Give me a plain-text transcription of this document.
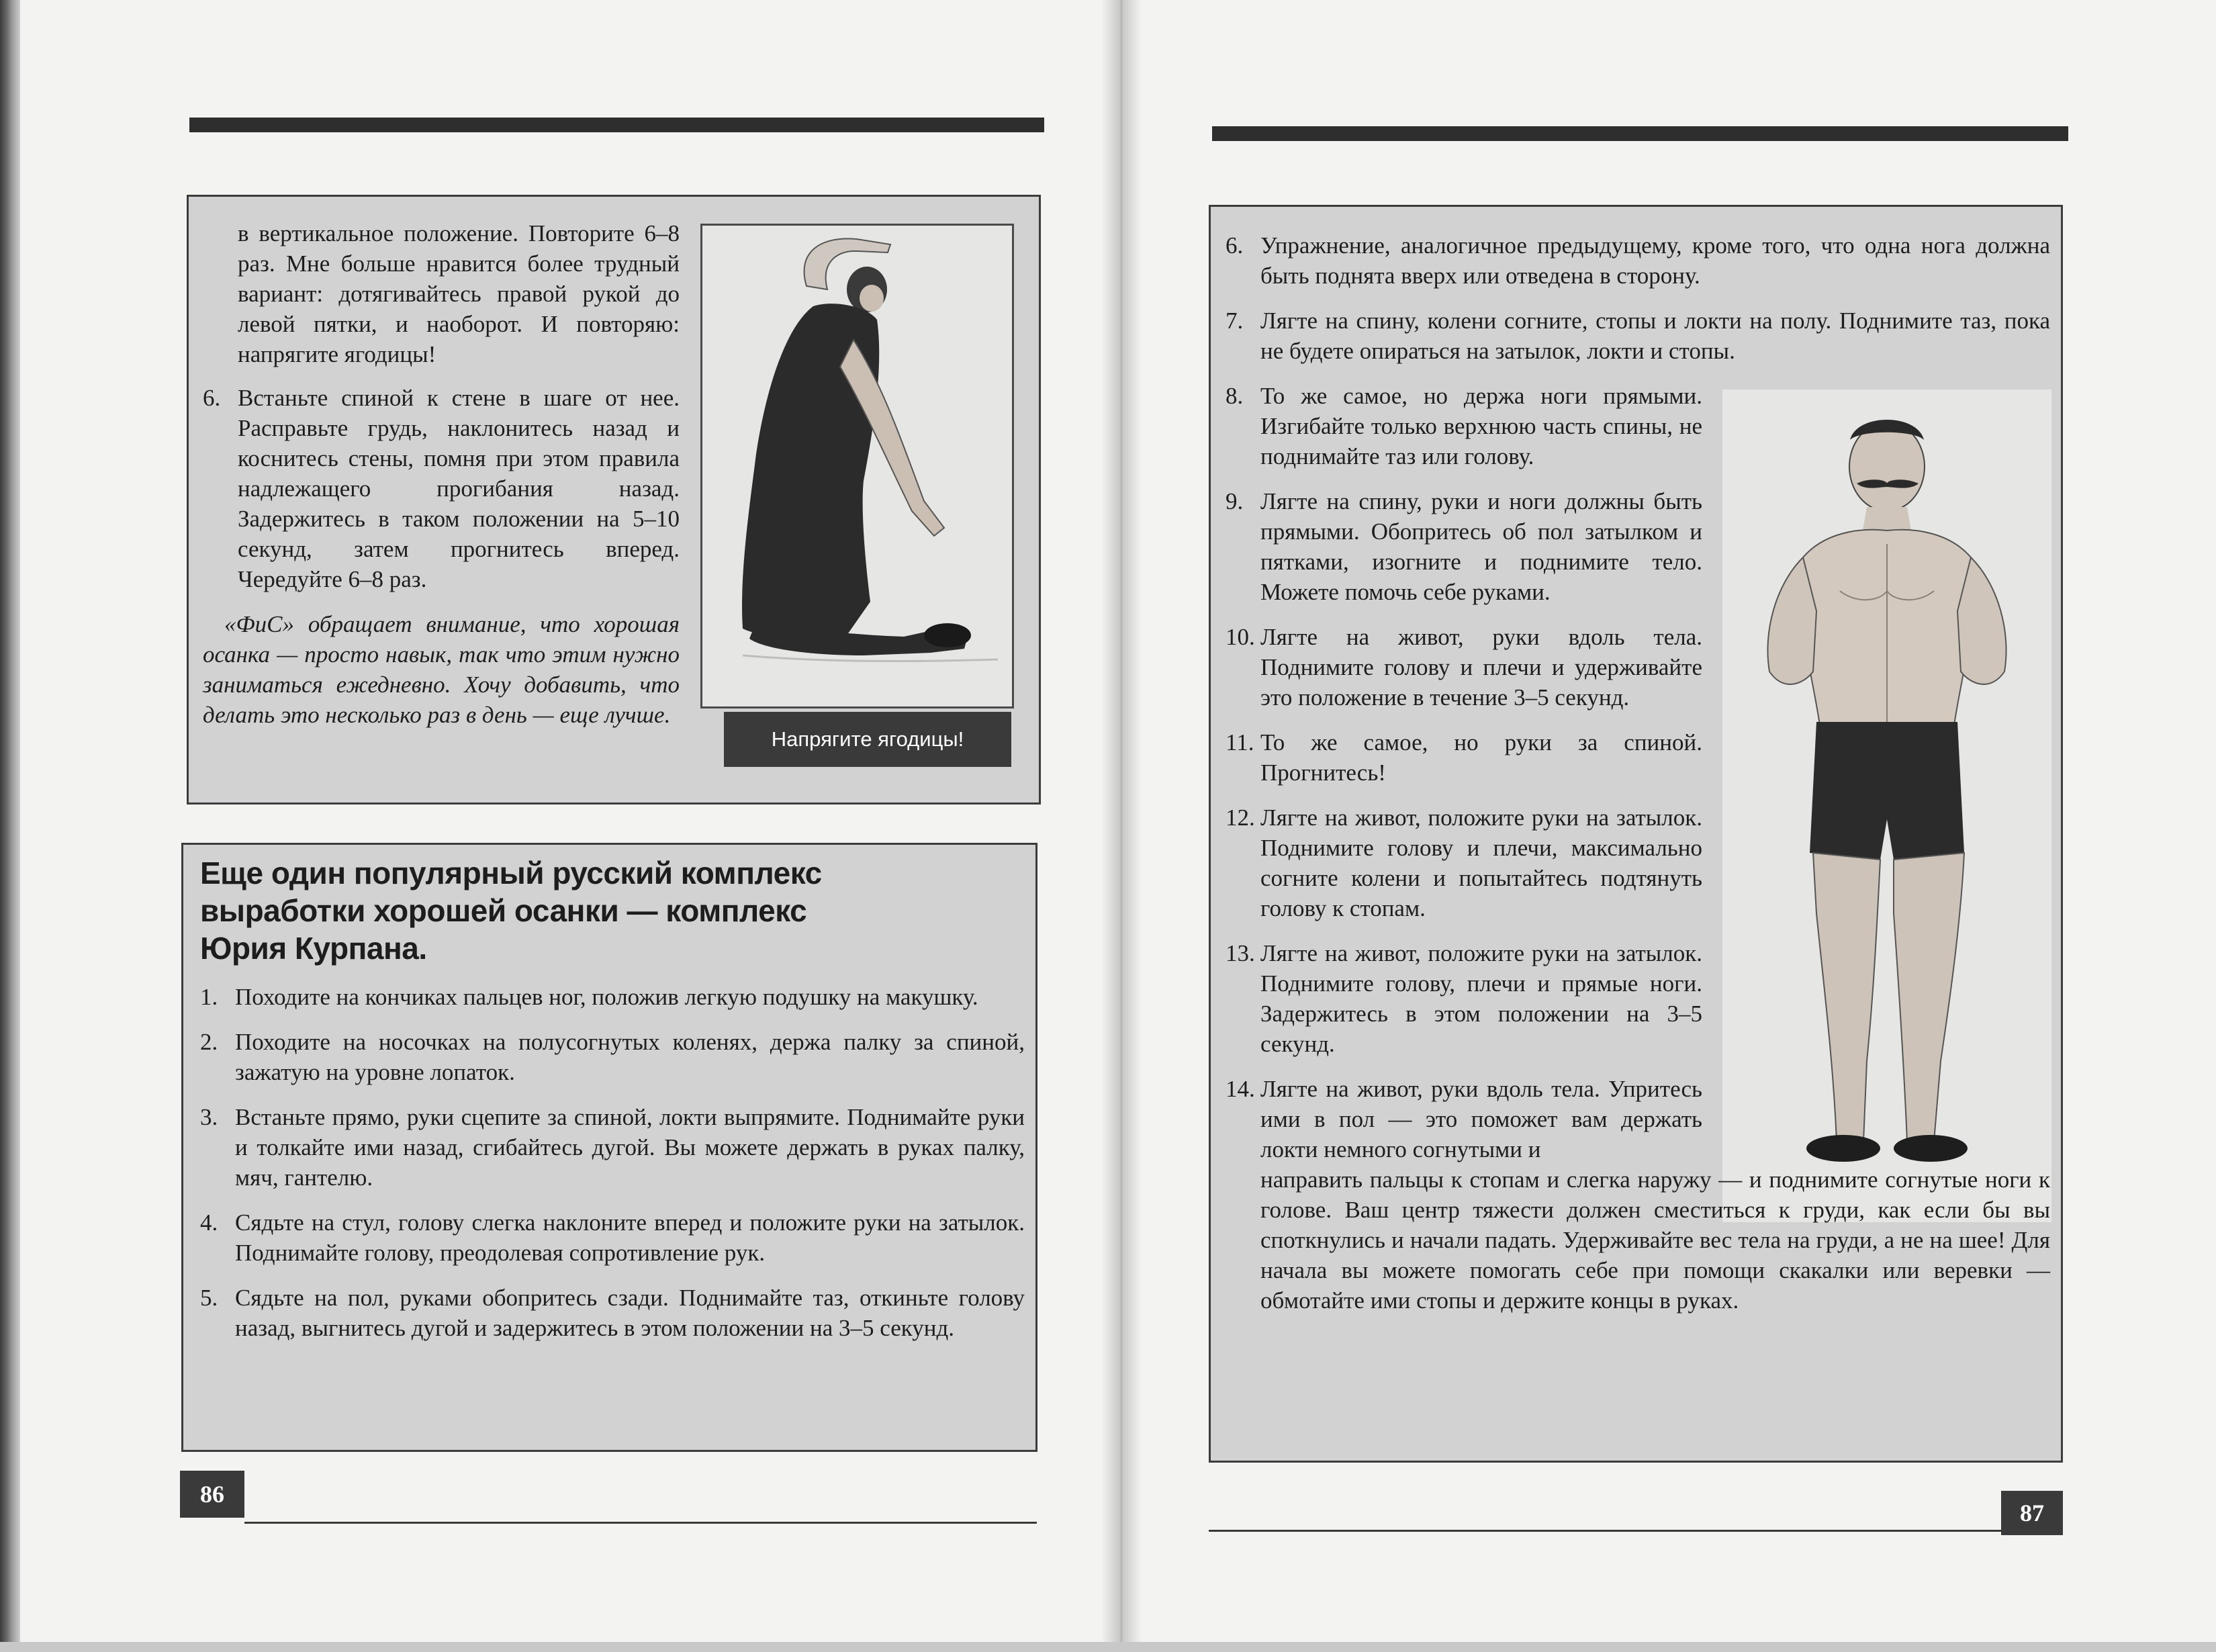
в вертикальное положение. Повторите 6–8 раз. Мне больше нравится более трудный вариант: дотягивайтесь правой рукой до левой пятки, и наоборот. И повторяю: напрягите ягодицы!
6. Встаньте спиной к стене в шаге от нее. Расправьте грудь, наклонитесь назад и коснитесь стены, помня при этом правила надлежащего прогибания назад. Задержитесь в таком положении на 5–10 секунд, затем прогнитесь вперед. Чередуйте 6–8 раз.
«ФиС» обращает внимание, что хорошая осанка — просто навык, так что этим нужно заниматься ежедневно. Хочу добавить, что делать это несколько раз в день — еще лучше.
Напрягите ягодицы!
Еще один популярный русский комплекс выработки хорошей осанки — комплекс Юрия Курпана.
1. Походите на кончиках пальцев ног, положив легкую подушку на макушку.
2. Походите на носочках на полусогнутых коленях, держа палку за спиной, зажатую на уровне лопаток.
3. Встаньте прямо, руки сцепите за спиной, локти выпрямите. Поднимайте руки и толкайте ими назад, сгибайтесь дугой. Вы можете держать в руках палку, мяч, гантелю.
4. Сядьте на стул, голову слегка наклоните вперед и положите руки на затылок. Поднимайте голову, преодолевая сопротивление рук.
5. Сядьте на пол, руками обопритесь сзади. Поднимайте таз, откиньте голову назад, выгнитесь дугой и задержитесь в этом положении на 3–5 секунд.
86
6. Упражнение, аналогичное предыдущему, кроме того, что одна нога должна быть поднята вверх или отведена в сторону.
7. Лягте на спину, колени согните, стопы и локти на полу. Поднимите таз, пока не будете опираться на затылок, локти и стопы.
8. То же самое, но держа ноги прямыми. Изгибайте только верхнюю часть спины, не поднимайте таз или голову.
9. Лягте на спину, руки и ноги должны быть прямыми. Обопритесь об пол затылком и пятками, изогните и поднимите тело. Можете помочь себе руками.
10. Лягте на живот, руки вдоль тела. Поднимите голову и плечи и удерживайте это положение в течение 3–5 секунд.
11. То же самое, но руки за спиной. Прогнитесь!
12. Лягте на живот, положите руки на затылок. Поднимите голову и плечи, максимально согните колени и попытайтесь подтянуть голову к стопам.
13. Лягте на живот, положите руки на затылок. Поднимите голову, плечи и прямые ноги. Задержитесь в этом положении на 3–5 секунд.
14. Лягте на живот, руки вдоль тела. Упритесь ими в пол — это поможет вам держать локти немного согнутыми и
направить пальцы к стопам и слегка наружу — и поднимите согнутые ноги к голове. Ваш центр тяжести должен сместиться к груди, как если бы вы споткнулись и начали падать. Удерживайте вес тела на груди, а не на шее! Для начала вы можете помогать себе при помощи скакалки или веревки — обмотайте ими стопы и держите концы в руках.
87
